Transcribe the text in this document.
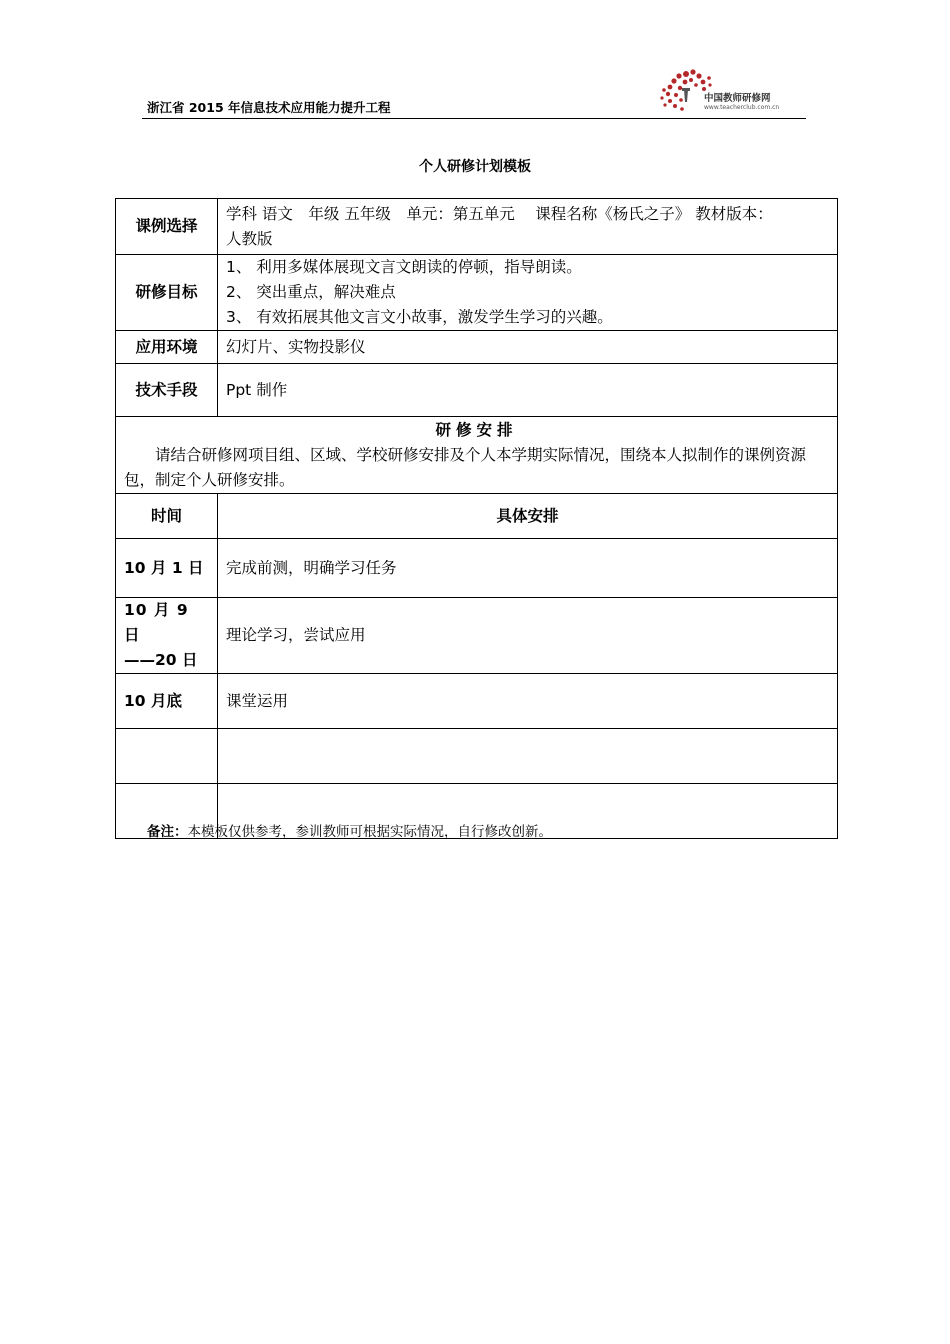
浙江省 2015 年信息技术应用能力提升工程
中国教师研修网
www.teacherclub.com.cn
个人研修计划模板
课例选择	学科 语文　年级 五年级　单元：第五单元　 课程名称《杨氏之子》 教材版本：
人教版

研修目标	1、 利用多媒体展现文言文朗读的停顿，指导朗读。
2、 突出重点，解决难点
3、 有效拓展其他文言文小故事，激发学生学习的兴趣。

应用环境	幻灯片、实物投影仪

技术手段	Ppt 制作

研修安排
请结合研修网项目组、区域、学校研修安排及个人本学期实际情况，围绕本人拟制作的课例资源包，制定个人研修安排。	

时间	具体安排

10 月 1 日	完成前测，明确学习任务

10 月 9 日
——20 日	理论学习，尝试应用

10 月底	课堂运用

备注：本模板仅供参考，参训教师可根据实际情况，自行修改创新。
